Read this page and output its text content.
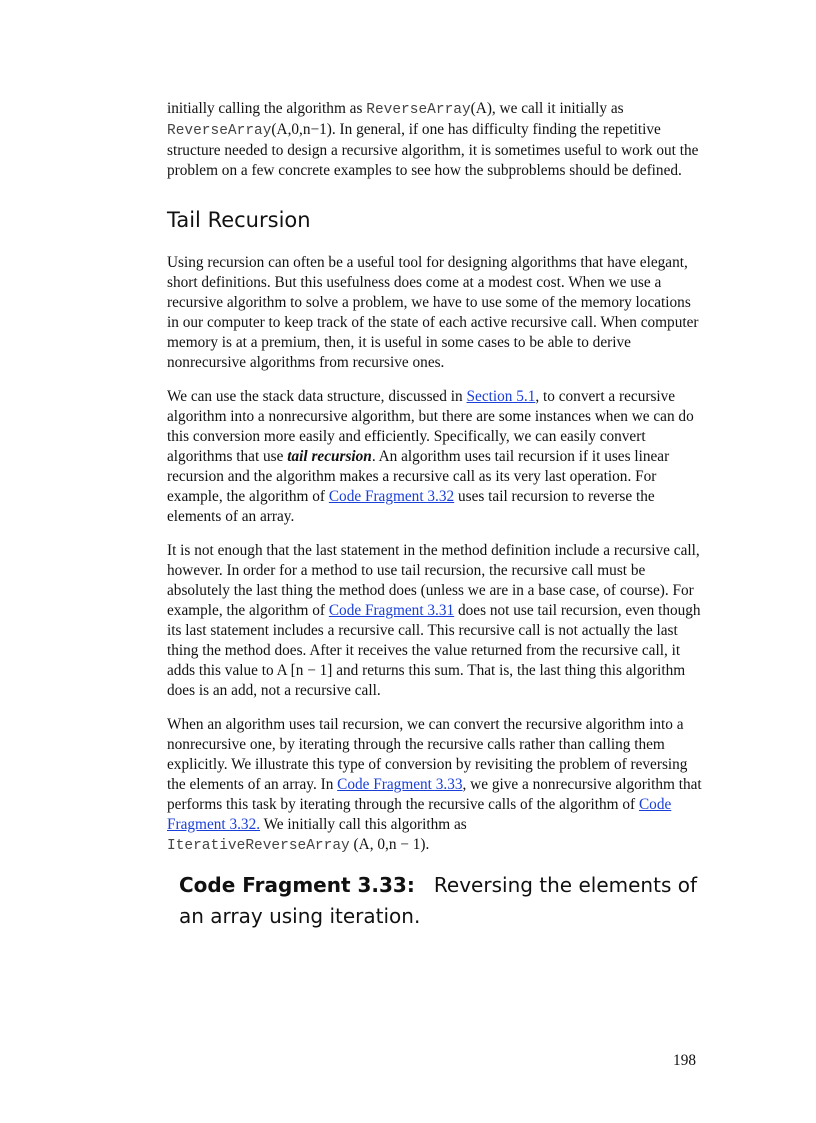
initially calling the algorithm as ReverseArray(A), we call it initially as ReverseArray(A,0,n−1). In general, if one has difficulty finding the repetitive structure needed to design a recursive algorithm, it is sometimes useful to work out the problem on a few concrete examples to see how the subproblems should be defined.

Tail Recursion

Using recursion can often be a useful tool for designing algorithms that have elegant, short definitions. But this usefulness does come at a modest cost. When we use a recursive algorithm to solve a problem, we have to use some of the memory locations in our computer to keep track of the state of each active recursive call. When computer memory is at a premium, then, it is useful in some cases to be able to derive nonrecursive algorithms from recursive ones.

We can use the stack data structure, discussed in Section 5.1, to convert a recursive algorithm into a nonrecursive algorithm, but there are some instances when we can do this conversion more easily and efficiently. Specifically, we can easily convert algorithms that use tail recursion. An algorithm uses tail recursion if it uses linear recursion and the algorithm makes a recursive call as its very last operation. For example, the algorithm of Code Fragment 3.32 uses tail recursion to reverse the elements of an array.

It is not enough that the last statement in the method definition include a recursive call, however. In order for a method to use tail recursion, the recursive call must be absolutely the last thing the method does (unless we are in a base case, of course). For example, the algorithm of Code Fragment 3.31 does not use tail recursion, even though its last statement includes a recursive call. This recursive call is not actually the last thing the method does. After it receives the value returned from the recursive call, it adds this value to A [n − 1] and returns this sum. That is, the last thing this algorithm does is an add, not a recursive call.

When an algorithm uses tail recursion, we can convert the recursive algorithm into a nonrecursive one, by iterating through the recursive calls rather than calling them explicitly. We illustrate this type of conversion by revisiting the problem of reversing the elements of an array. In Code Fragment 3.33, we give a nonrecursive algorithm that performs this task by iterating through the recursive calls of the algorithm of Code Fragment 3.32. We initially call this algorithm as
IterativeReverseArray (A, 0,n − 1).

Code Fragment 3.33: Reversing the elements of an array using iteration.
198
